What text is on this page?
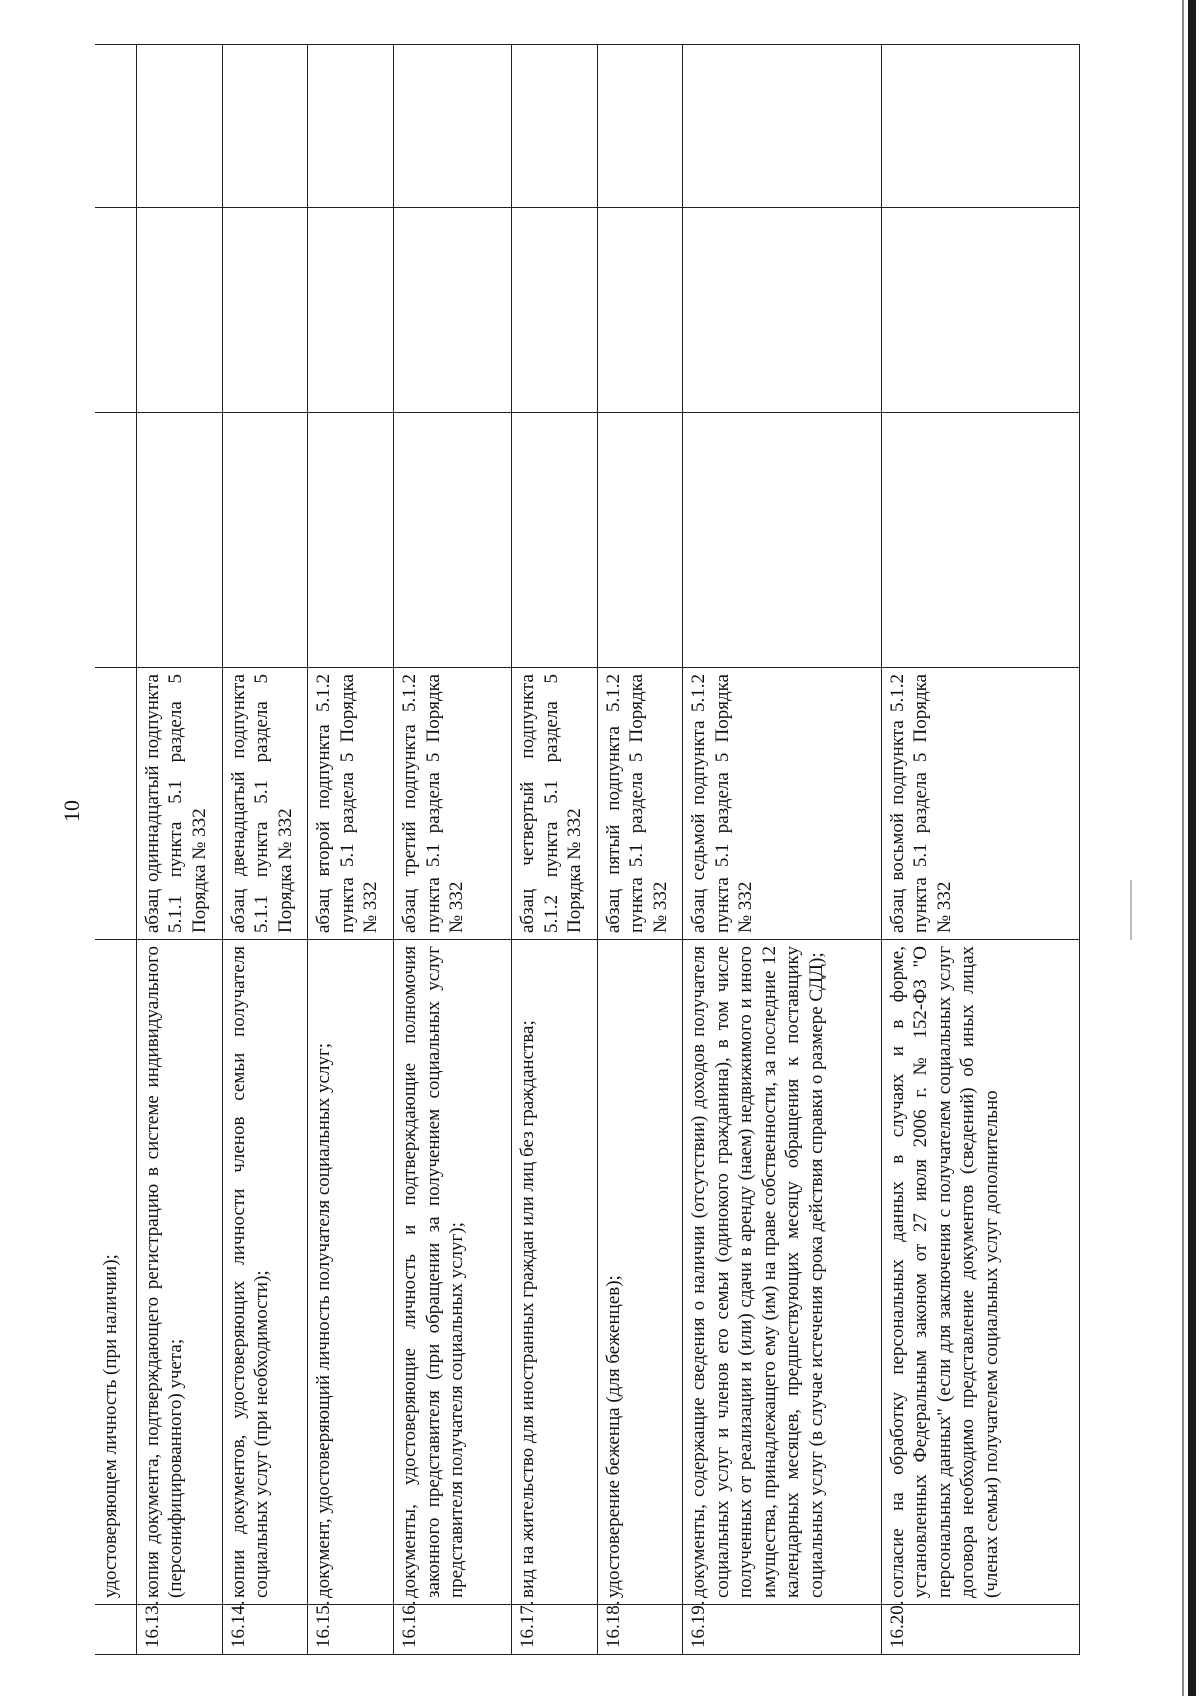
10
	удостоверяющем личность (при наличии);				
16.13.	копия документа, подтверждающего регистрацию в системе индивидуального (персонифицированного) учета;	абзац одиннадцатый подпункта 5.1.1 пункта 5.1 раздела 5 Порядка № 332			
16.14.	копии документов, удостоверяющих личности членов семьи получателя социальных услуг (при необходимости);	абзац двенадцатый подпункта 5.1.1 пункта 5.1 раздела 5 Порядка № 332			
16.15.	документ, удостоверяющий личность получателя социальных услуг;	абзац второй подпункта 5.1.2 пункта 5.1 раздела 5 Порядка № 332			
16.16.	документы, удостоверяющие личность и подтверждающие полномочия законного представителя (при обращении за получением социальных услуг представителя получателя социальных услуг);	абзац третий подпункта 5.1.2 пункта 5.1 раздела 5 Порядка № 332			
16.17.	вид на жительство для иностранных граждан или лиц без гражданства;	абзац четвертый подпункта 5.1.2 пункта 5.1 раздела 5 Порядка № 332			
16.18.	удостоверение беженца (для беженцев);	абзац пятый подпункта 5.1.2 пункта 5.1 раздела 5 Порядка № 332			
16.19.	документы, содержащие сведения о наличии (отсутствии) доходов получателя социальных услуг и членов его семьи (одинокого гражданина), в том числе полученных от реализации и (или) сдачи в аренду (наем) недвижимого и иного имущества, принадлежащего ему (им) на праве собственности, за последние 12 календарных месяцев, предшествующих месяцу обращения к поставщику социальных услуг (в случае истечения срока действия справки о размере СДД);	абзац седьмой подпункта 5.1.2 пункта 5.1 раздела 5 Порядка № 332			
16.20.	согласие на обработку персональных данных в случаях и в форме, установленных Федеральным законом от 27 июля 2006 г. № 152-ФЗ "О персональных данных" (если для заключения с получателем социальных услуг договора необходимо представление документов (сведений) об иных лицах (членах семьи) получателем социальных услуг дополнительно	абзац восьмой подпункта 5.1.2 пункта 5.1 раздела 5 Порядка № 332			
